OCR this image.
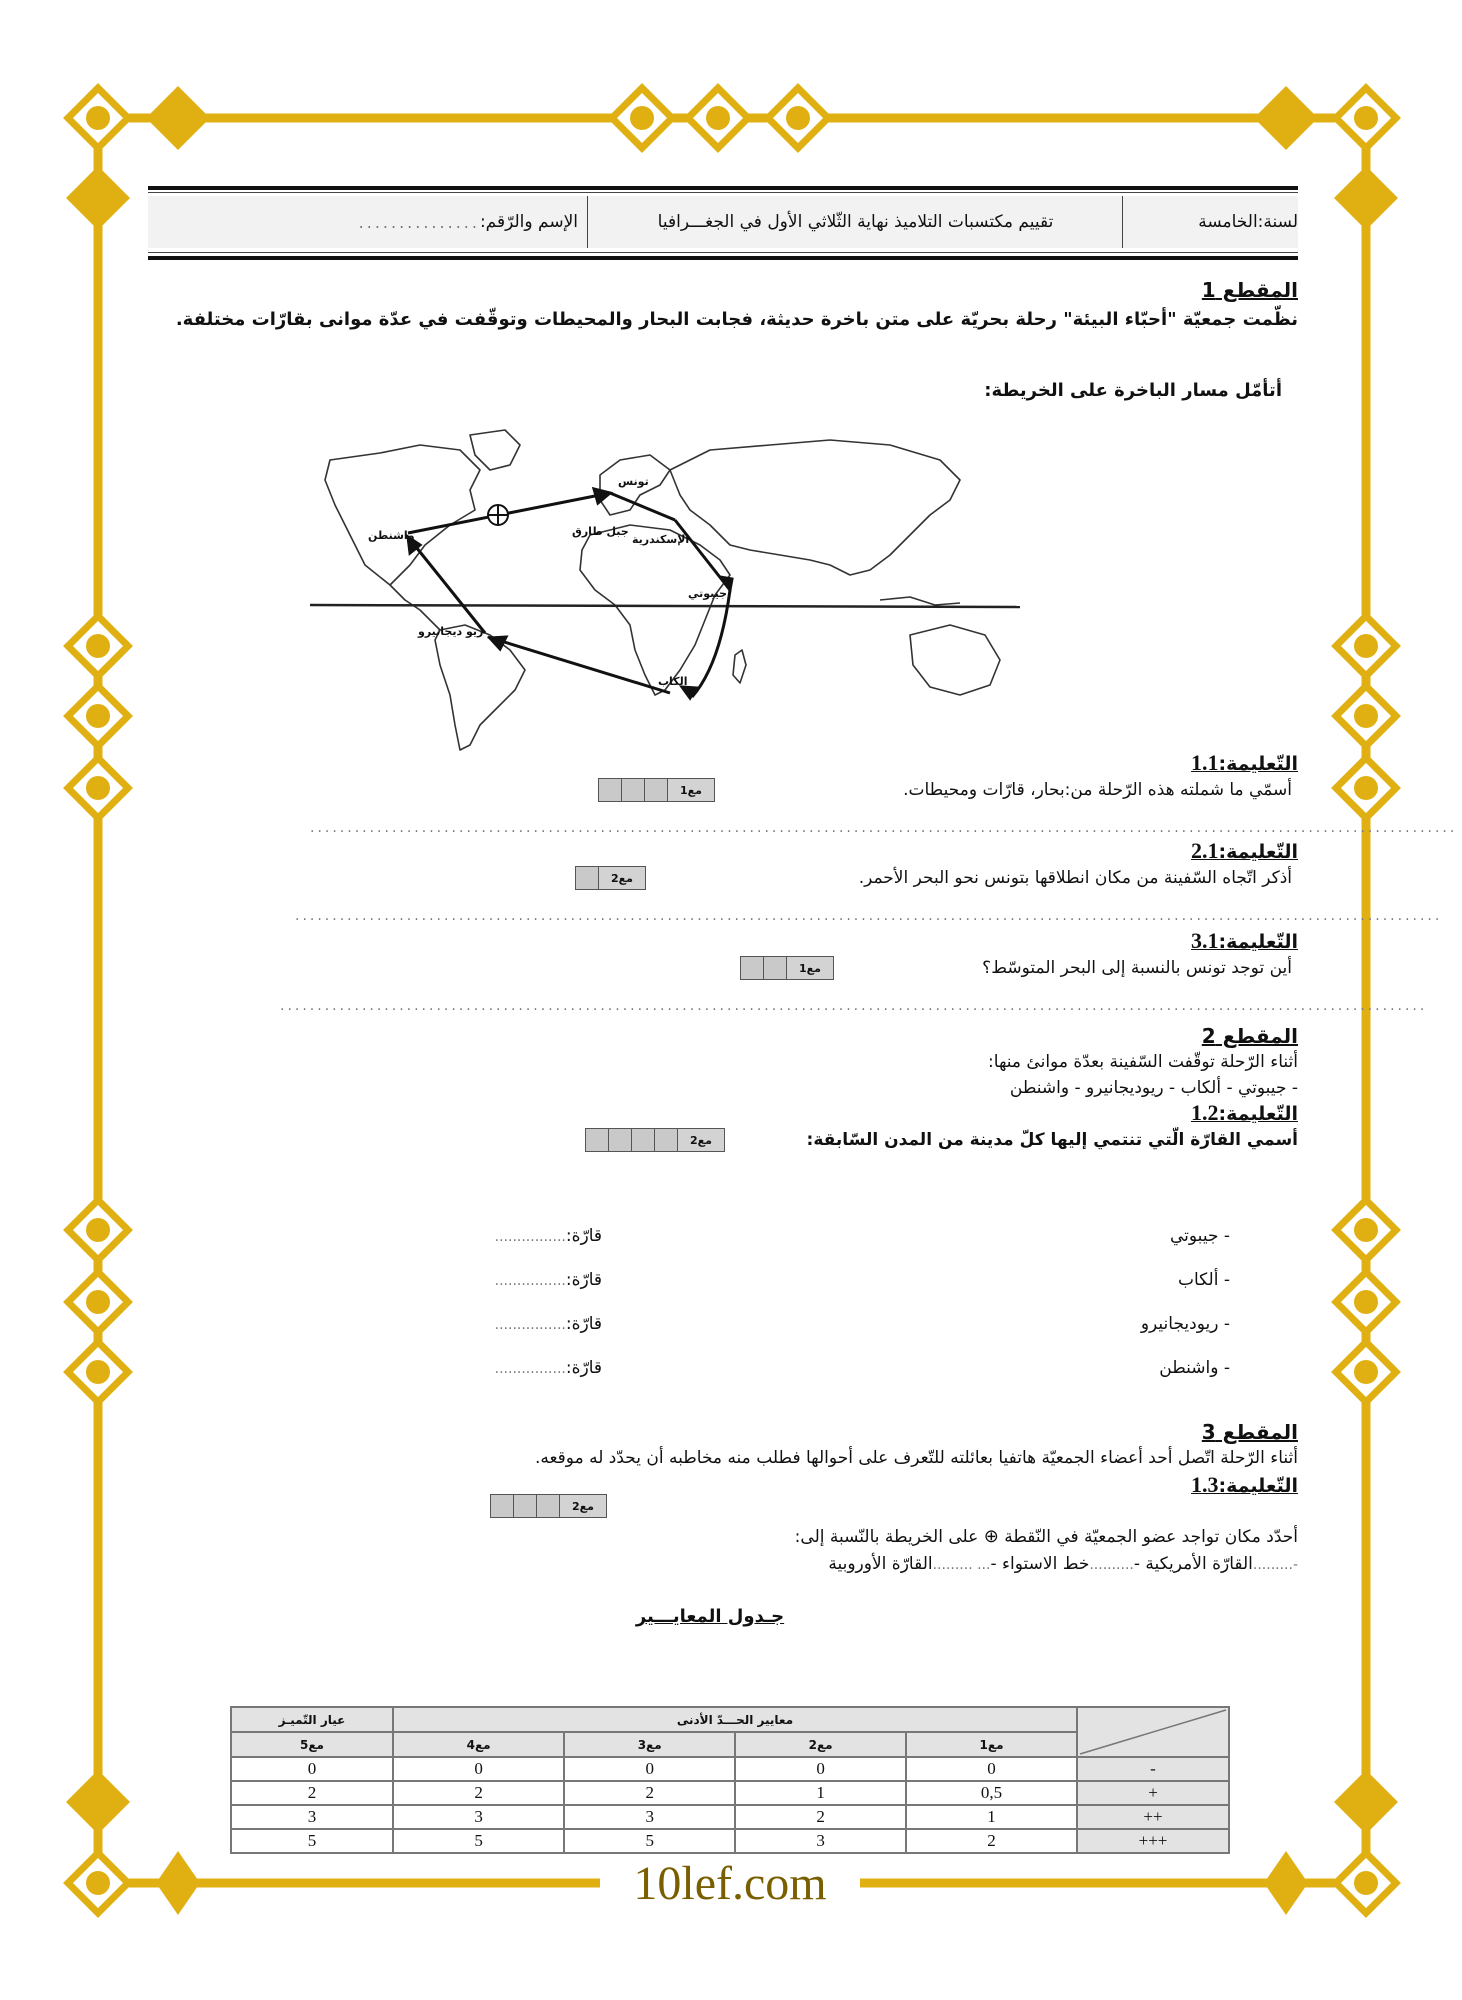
10lef.com
لسنة:الخامسة
تقييم مكتسبات التلاميذ نهاية الثّلاثي الأول في الجغـــرافيا
الإسم والرّقم:
...............
المقطع 1
نظّمت جمعيّة "أحبّاء البيئة" رحلة بحريّة على متن باخرة حديثة، فجابت البحار والمحيطات وتوقّفت في عدّة موانى بقارّات مختلفة.
أتأمّل مسار الباخرة على الخريطة:
واشنطن
تونس
جبل طارق
الإسكندرية
جيبوتي
ريو ديجانيرو
الكاب
التّعليمة:1.1
أسمّي ما شملته هذه الرّحلة من:بحار، قارّات ومحيطات.
مع1
..........................................................................................................................................................
التّعليمة:2.1
أذكر اتّجاه السّفينة من مكان انطلاقها بتونس نحو البحر الأحمر.
مع2
..........................................................................................................................................................
التّعليمة:3.1
أين توجد تونس بالنسبة إلى البحر المتوسّط؟
مع1
..........................................................................................................................................................
المقطع 2
أثناء الرّحلة توقّفت السّفينة بعدّة موانئ منها:
- جيبوتي - ألكاب - ريوديجانيرو - واشنطن
التّعليمة:1.2
أسمي القارّة الّتي تنتمي إليها كلّ مدينة من المدن السّابقة:
مع2
- جيبوتي
قارّة:................
- ألكاب
قارّة:................
- ريوديجانيرو
قارّة:................
- واشنطن
قارّة:................
المقطع 3
أثناء الرّحلة اتّصل أحد أعضاء الجمعيّة هاتفيا بعائلته للتّعرف على أحوالها فطلب منه مخاطبه أن يحدّد له موقعه.
التّعليمة:1.3
مع2
أحدّد مكان تواجد عضو الجمعيّة في النّقطة ⊕ على الخريطة بالنّسبة إلى:
-.........القارّة الأمريكية -..........خط الاستواء -... .........القارّة الأوروبية
جـدول المعايـــير
	معايير الحـــدّ الأدنى				عيار التّميـز
	مع1	مع2	مع3	مع4	مع5
-	0	0	0	0	0
+	0,5	1	2	2	2
++	1	2	3	3	3
+++	2	3	5	5	5
